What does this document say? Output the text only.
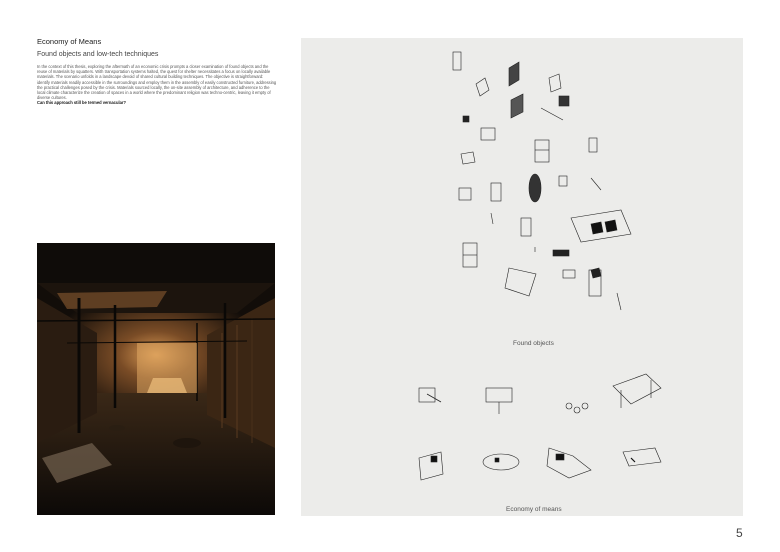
Economy of Means
Found objects and low-tech techniques

In the context of this thesis, exploring the aftermath of an economic crisis prompts a closer examination of found objects and the reuse of materials by squatters. With transportation systems halted, the quest for shelter necessitates a focus on locally available materials. The scenario unfolds in a landscape devoid of shared cultural building techniques. The objective is straightforward: identify materials readily accessible in the surroundings and employ them in the assembly of easily constructed furniture, addressing the practical challenges posed by the crisis. Materials sourced locally, the on-site assembly of architecture, and adherence to the local climate characterize the creation of spaces in a world where the predominant religion was techno-centric, leaving it empty of diverse cultures.

Can this approach still be termed vernacular?

Found objects
Economy of means
5
